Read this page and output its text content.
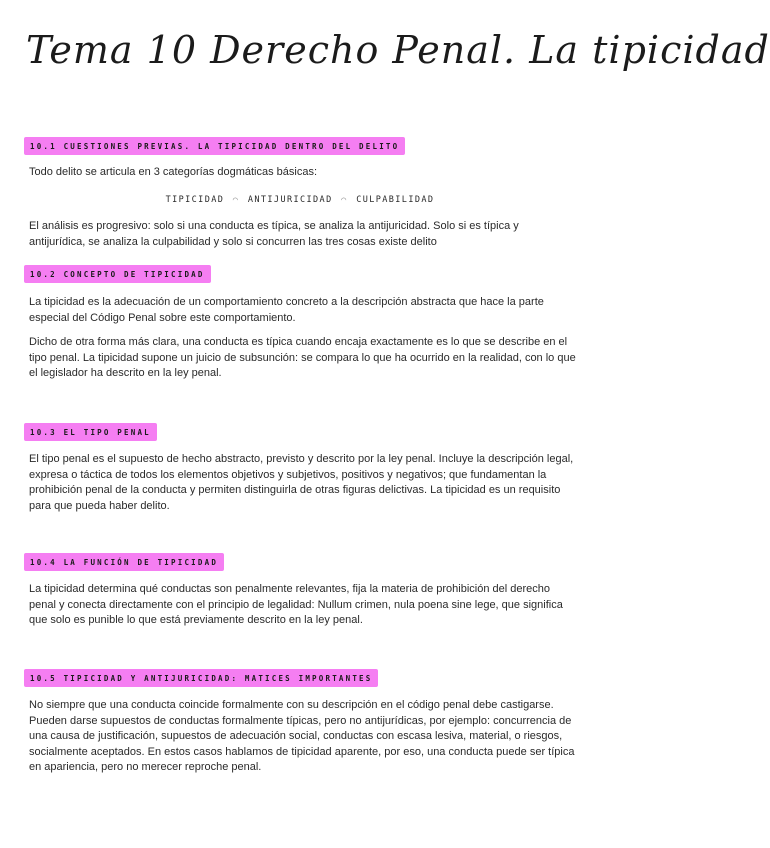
Tema 10 Derecho Penal. La tipicidad
10.1 CUESTIONES PREVIAS. LA TIPICIDAD DENTRO DEL DELITO
Todo delito se articula en 3 categorías dogmáticas básicas:
TIPICIDAD ⌒ ANTIJURICIDAD ⌒ CULPABILIDAD
El análisis es progresivo: solo si una conducta es típica, se analiza la antijuricidad. Solo si es típica y antijurídica, se analiza la culpabilidad y solo si concurren las tres cosas existe delito
10.2 CONCEPTO DE TIPICIDAD
La tipicidad es la adecuación de un comportamiento concreto a la descripción abstracta que hace la parte especial del Código Penal sobre este comportamiento.
Dicho de otra forma más clara, una conducta es típica cuando encaja exactamente es lo que se describe en el tipo penal. La tipicidad supone un juicio de subsunción: se compara lo que ha ocurrido en la realidad, con lo que el legislador ha descrito en la ley penal.
10.3 EL TIPO PENAL
El tipo penal es el supuesto de hecho abstracto, previsto y descrito por la ley penal. Incluye la descripción legal, expresa o táctica de todos los elementos objetivos y subjetivos, positivos y negativos; que fundamentan la prohibición penal de la conducta y permiten distinguirla de otras figuras delictivas. La tipicidad es un requisito para que pueda haber delito.
10.4 LA FUNCIÓN DE TIPICIDAD
La tipicidad determina qué conductas son penalmente relevantes, fija la materia de prohibición del derecho penal y conecta directamente con el principio de legalidad: Nullum crimen, nula poena sine lege, que significa que solo es punible lo que está previamente descrito en la ley penal.
10.5 TIPICIDAD Y ANTIJURICIDAD: MATICES IMPORTANTES
No siempre que una conducta coincide formalmente con su descripción en el código penal debe castigarse. Pueden darse supuestos de conductas formalmente típicas, pero no antijurídicas, por ejemplo: concurrencia de una causa de justificación, supuestos de adecuación social, conductas con escasa lesiva, material, o riesgos, socialmente aceptados. En estos casos hablamos de tipicidad aparente, por eso, una conducta puede ser típica en apariencia, pero no merecer reproche penal.
